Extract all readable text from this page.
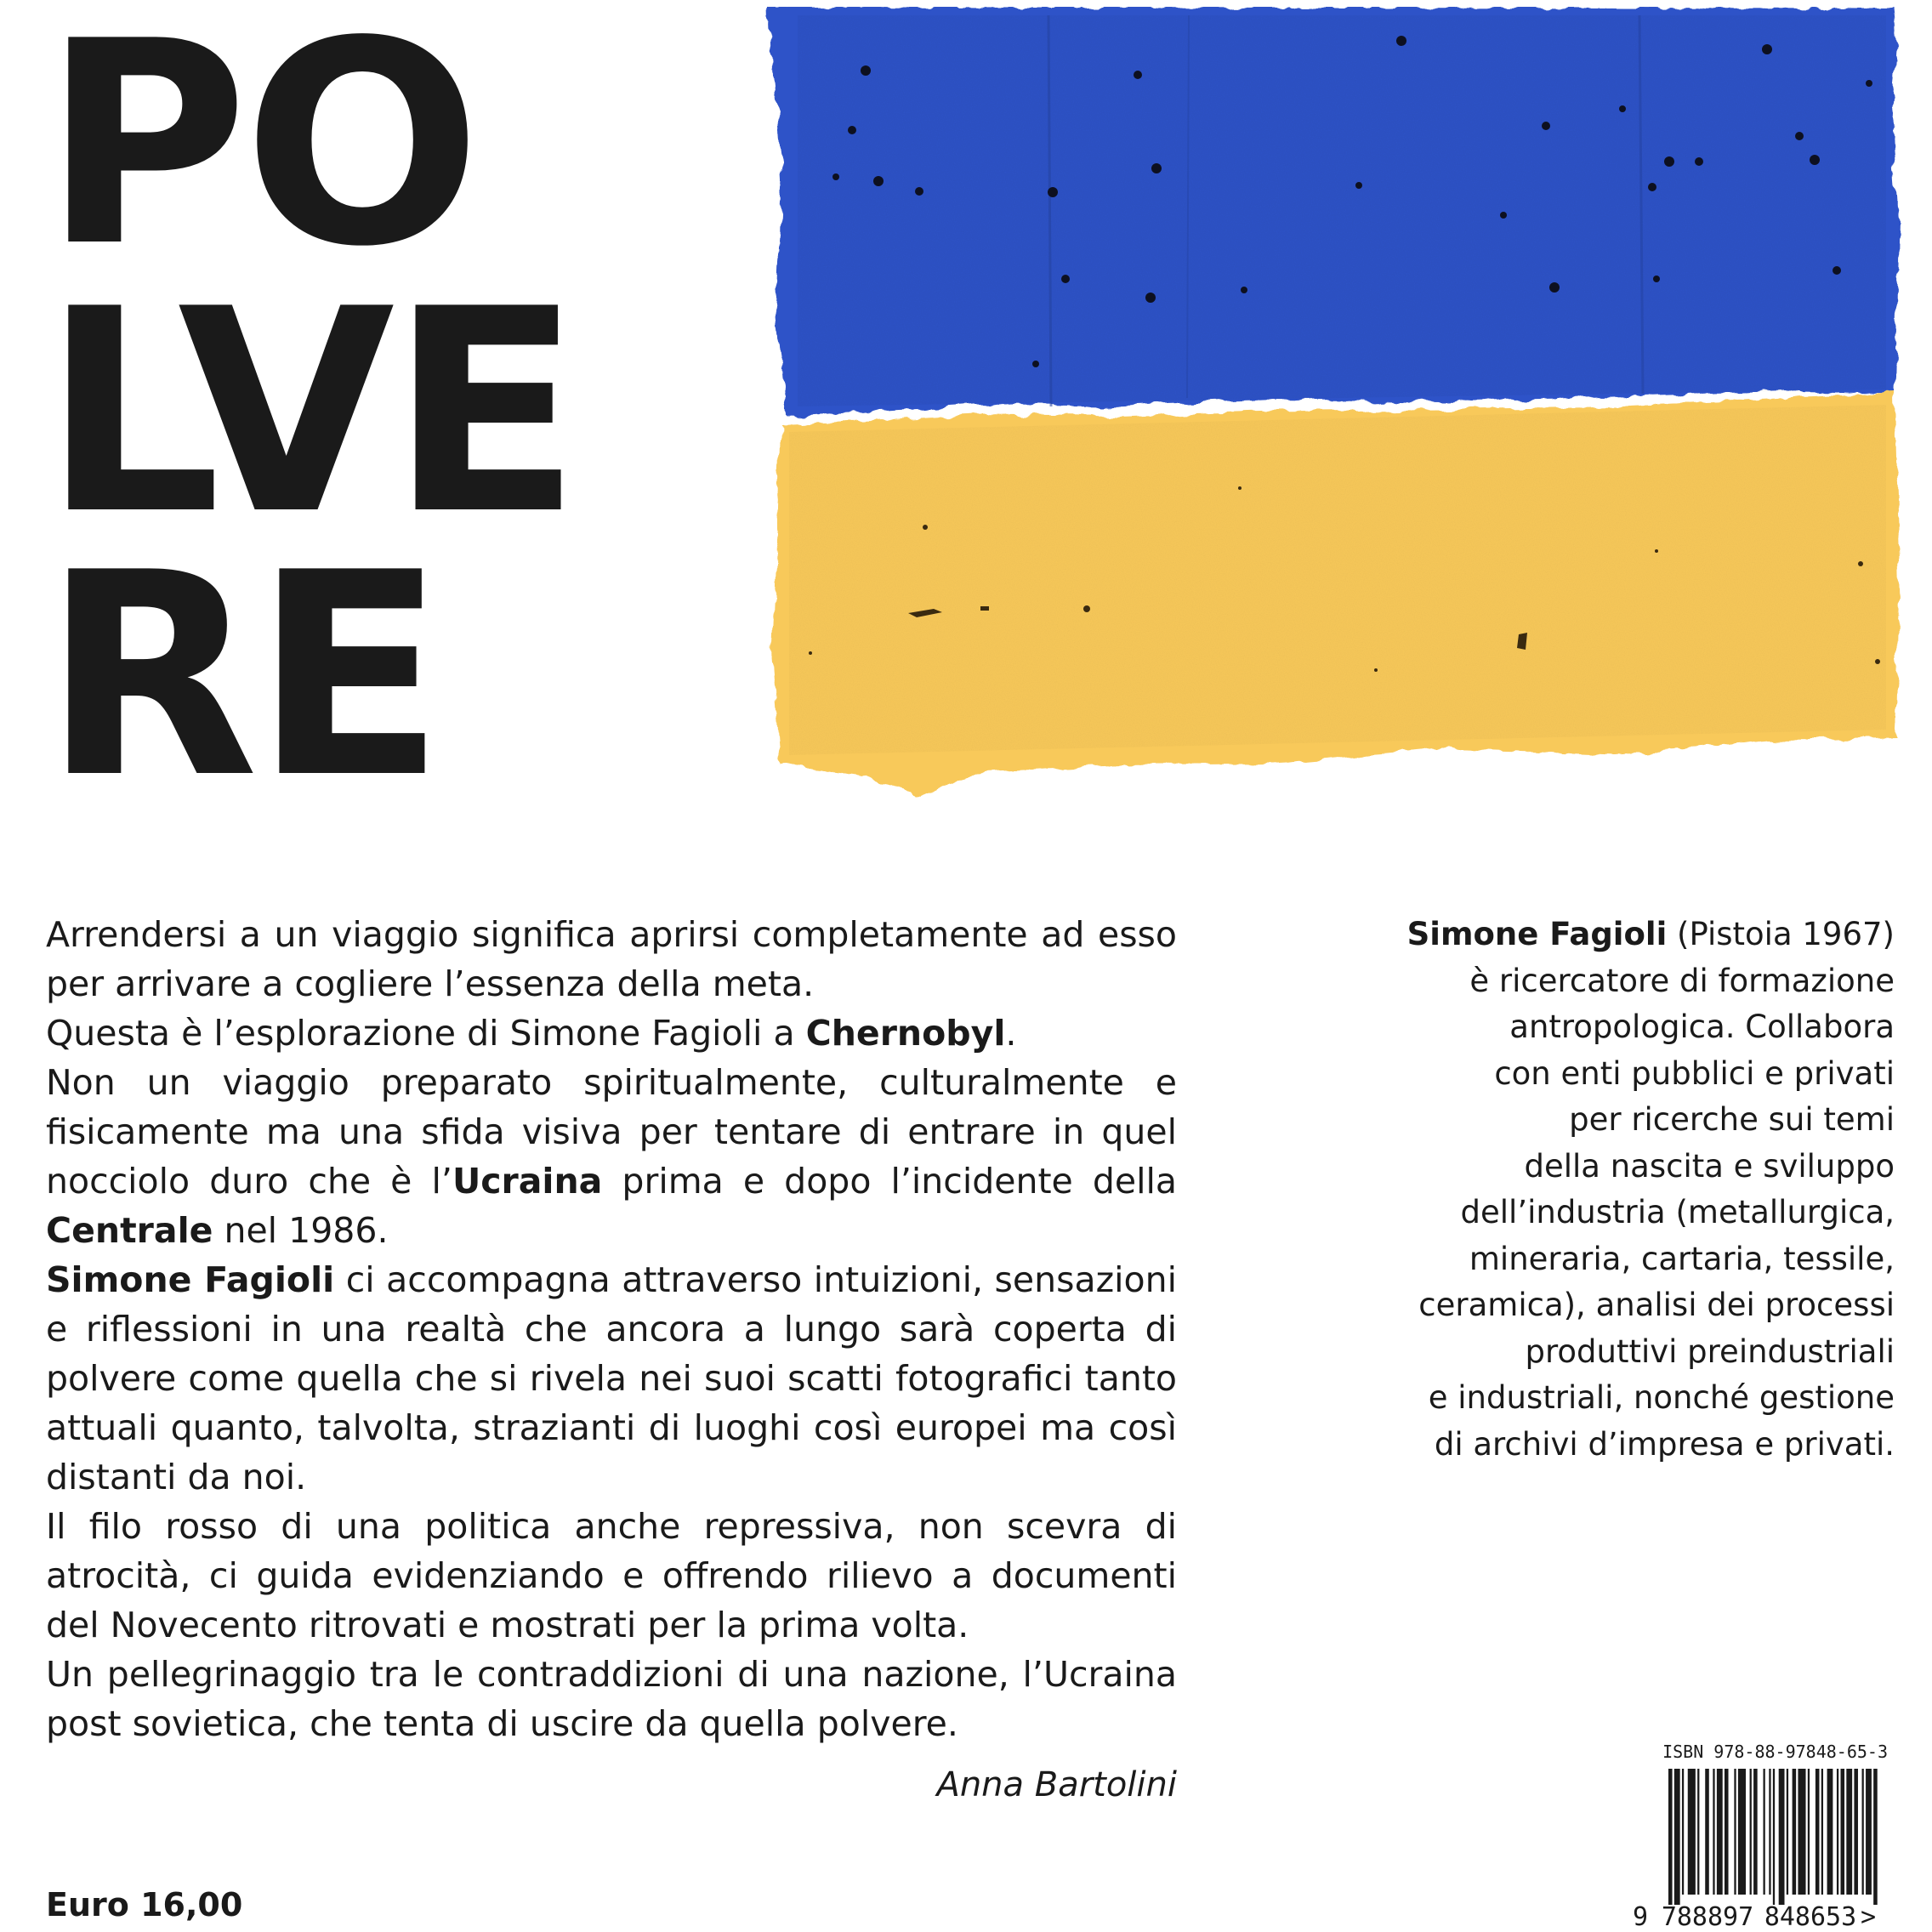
PO
LVE
RE

Arrendersi a un viaggio significa aprirsi completamente ad esso per arrivare a cogliere l’essenza della meta.

Questa è l’esplorazione di Simone Fagioli a Chernobyl.

Non un viaggio preparato spiritualmente, culturalmente e fisicamente ma una sfida visiva per tentare di entrare in quel nocciolo duro che è l’Ucraina prima e dopo l’incidente della Centrale nel 1986.

Simone Fagioli ci accompagna attraverso intuizioni, sensazioni e riflessioni in una realtà che ancora a lungo sarà coperta di polvere come quella che si rivela nei suoi scatti fotografici tanto attuali quanto, talvolta, strazianti di luoghi così europei ma così distanti da noi.

Il filo rosso di una politica anche repressiva, non scevra di atrocità, ci guida evidenziando e offrendo rilievo a documenti del Novecento ritrovati e mostrati per la prima volta.

Un pellegrinaggio tra le contraddizioni di una nazione, l’Ucraina post sovietica, che tenta di uscire da quella polvere.

Anna Bartolini
Simone Fagioli (Pistoia 1967)
è ricercatore di formazione
antropologica. Collabora
con enti pubblici e privati
per ricerche sui temi
della nascita e sviluppo
dell’industria (metallurgica,
mineraria, cartaria, tessile,
ceramica), analisi dei processi
produttivi preindustriali
e industriali, nonché gestione
di archivi d’impresa e privati.
Euro 16,00
ISBN 978-88-97848-65-3
9 788897 848653 >
